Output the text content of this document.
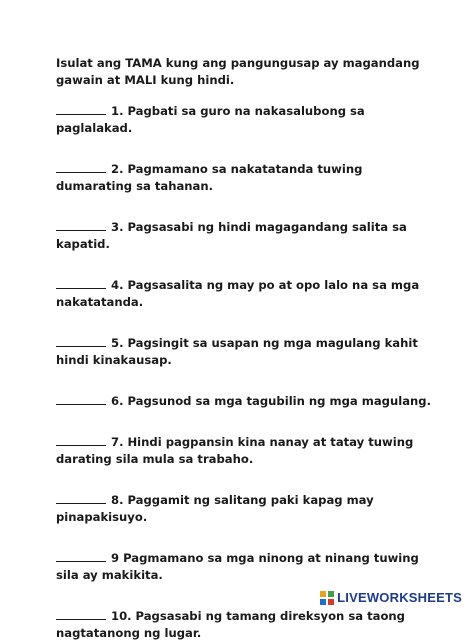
Isulat ang TAMA kung ang pangungusap ay magandang gawain at MALI kung hindi.

1. Pagbati sa guro na nakasalubong sa paglalakad.

2. Pagmamano sa nakatatanda tuwing dumarating sa tahanan.

3. Pagsasabi ng hindi magagandang salita sa kapatid.

4. Pagsasalita ng may po at opo lalo na sa mga nakatatanda.

5. Pagsingit sa usapan ng mga magulang kahit hindi kinakausap.

6. Pagsunod sa mga tagubilin ng mga magulang.

7. Hindi pagpansin kina nanay at tatay tuwing darating sila mula sa trabaho.

8. Paggamit ng salitang paki kapag may pinapakisuyo.

9 Pagmamano sa mga ninong at ninang tuwing sila ay makikita.

10. Pagsasabi ng tamang direksyon sa taong nagtatanong ng lugar.

LIVEWORKSHEETS
